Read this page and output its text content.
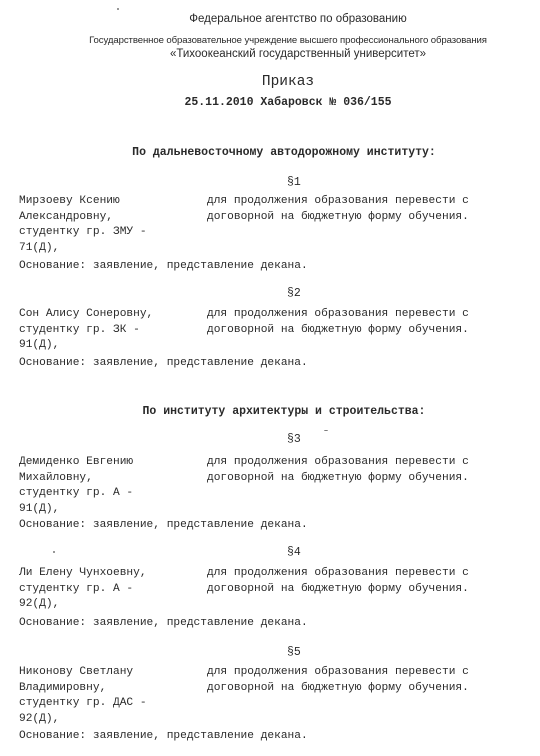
Федеральное агентство по образованию
Государственное образовательное учреждение высшего профессионального образования
«Тихоокеанский государственный университет»
Приказ
25.11.2010 Хабаровск № 036/155
По дальневосточному автодорожному институту:
§1
Мирзоеву Ксению
Александровну,
студентку гр. ЗМУ -
71(Д),
для продолжения образования перевести с
договорной на бюджетную форму обучения.
Основание: заявление, представление декана.
§2
Сон Алису Сонеровну,
студентку гр. ЗК -
91(Д),
для продолжения образования перевести с
договорной на бюджетную форму обучения.
Основание: заявление, представление декана.
По институту архитектуры и строительства:
§3
Демиденко Евгению
Михайловну,
студентку гр. А -
91(Д),
для продолжения образования перевести с
договорной на бюджетную форму обучения.
Основание: заявление, представление декана.
§4
Ли Елену Чунхоевну,
студентку гр. А -
92(Д),
для продолжения образования перевести с
договорной на бюджетную форму обучения.
Основание: заявление, представление декана.
§5
Никонову Светлану
Владимировну,
студентку гр. ДАС -
92(Д),
для продолжения образования перевести с
договорной на бюджетную форму обучения.
Основание: заявление, представление декана.
